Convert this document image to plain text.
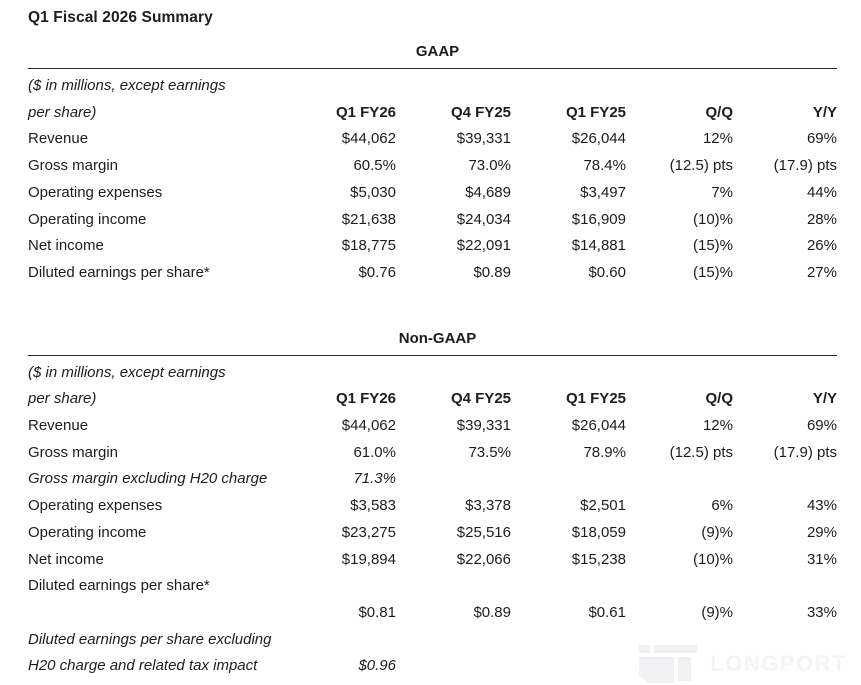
Q1 Fiscal 2026 Summary
GAAP
($ in millions, except earnings
per share)	Q1 FY26	Q4 FY25	Q1 FY25	Q/Q	Y/Y
Revenue	$44,062	$39,331	$26,044	12%	69%
Gross margin	60.5%	73.0%	78.4%	(12.5) pts	(17.9) pts
Operating expenses	$5,030	$4,689	$3,497	7%	44%
Operating income	$21,638	$24,034	$16,909	(10)%	28%
Net income	$18,775	$22,091	$14,881	(15)%	26%
Diluted earnings per share*	$0.76	$0.89	$0.60	(15)%	27%
Non-GAAP
($ in millions, except earnings
per share)	Q1 FY26	Q4 FY25	Q1 FY25	Q/Q	Y/Y
Revenue	$44,062	$39,331	$26,044	12%	69%
Gross margin	61.0%	73.5%	78.9%	(12.5) pts	(17.9) pts
Gross margin excluding H20 charge	71.3%
Operating expenses	$3,583	$3,378	$2,501	6%	43%
Operating income	$23,275	$25,516	$18,059	(9)%	29%
Net income	$19,894	$22,066	$15,238	(10)%	31%
Diluted earnings per share*
$0.81	$0.89	$0.61	(9)%	33%
Diluted earnings per share excluding
H20 charge and related tax impact	$0.96	LONGPORT
